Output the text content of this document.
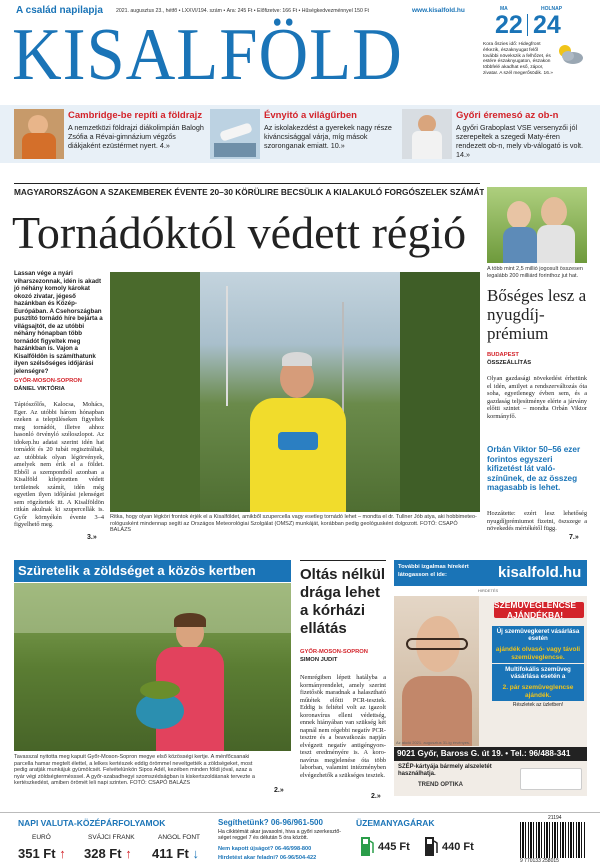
A család napilapja	2021. augusztus 23., hétfő • LXXVI/194. szám • Ára: 245 Ft • Előfizetve: 166 Ft • Hűségkedvezménnyel 150 Ft	www.kisalfold.hu
KISALFÖLD
MA	HOLNAP
22 24
Kora őszies idő: Hidegfront érkezik, északnyugat felől további növekszik a felhőzet, és estére északnyugaton, északon többfelé akadhat eső, zápor, zivatar. A szél megerősödik. 16.»
Cambridge-be repíti a földrajz
A nemzetközi földrajzi diákolimpián Balogh Zsófia a Révai-gimnázium végzős diákjaként ezüstérmet nyert. 4.»
Évnyitó a világűrben
Az iskolakezdést a gyerekek nagy része kiváncsisággal várja, míg mások szoronganak emiatt. 10.»
Győri éremesó az ob-n
A győri Graboplast VSE versenyzői jól szerepeltek a szegedi Maty-éren rendezett ob-n, mely vb-válogató is volt. 14.»
MAGYARORSZÁGON A SZAKEMBEREK ÉVENTE 20–30 KÖRÜLIRE BECSÜLIK A KIALAKULÓ FORGÓSZELEK SZÁMÁT
Tornádóktól védett régió
Lassan vége a nyári viharszezonnak, idén is akadt jó néhány komoly károkat okozó zivatar, jégeső hazánkban és Közép-Európában. A Csehországban pusztító tornádó híre bejárta a világsajtót, de az utóbbi néhány hónapban több tornádót figyeltek meg hazánkban is. Vajon a Kisalföldön is számíthatunk ilyen szélsőséges időjárási jelenségre?
GYŐR-MOSON-SOPRON
DÁNIEL VIKTÓRIA
Tápiószőlős, Kalocsa, Mohács, Eger. Az utóbbi három hónapban ezeken a településeken figyeltek meg tornádót, illetve ahhoz hasonló örvényló széloszlopot. Az idokep.hu adatai szerint idén hat tornádót és 20 tubát regisztráltak, az utóbbiak olyan légörvények, amelyek nem érik el a földet. Ebből a szempontból azonban a Kisalföld kifejezetten védett területnek számít, idén még egyetlen ilyen időjárási jelenséget sem rögzítettek itt. A Kisalföldön ritkán akulnak ki szupercellák is. Győr környékén évente 3–4 figyelhető meg.
3.»
Ritka, hogy olyan légköri frontok érjék el a Kisalföldet, amikből szupercella vagy esetleg tornádó lehet – mondta el dr. Tullner Jób atya, aki hobbimeteorológusként mindennap segíti az Országos Meteorológiai Szolgálat (OMSZ) munkáját, korábban pedig geológusként dolgozott. FOTÓ: CSAPÓ BALÁZS
A több mint 2,5 millió jogosult összesen legalább 200 milliárd forinthoz jut hat.
Bőséges lesz a nyugdíjprémium
BUDAPEST
ÖSSZEÁLLÍTÁS
Olyan gazdasági növekedést érhetünk el idén, amilyet a rendszerváltozás óta soha, egyetlenegy évben sem, és a gazdaság teljesítménye elérte a járvány előtti szintet – mondta Orbán Viktor kormányfő.
Orbán Viktor 50–56 ezer forintos egyszeri kifizetést lát valószínűnek, de az összeg magasabb is lehet.
Hozzátette: ezért lesz lehetőség nyugdíjprémiumot fizetni, öszszege a növekedés mértékétől függ.
7.»
Szüretelik a zöldséget a közös kertben
Tavasszal nyitotta meg kapuit Győr-Moson-Sopron megye első közösségi kertje. A ménfőcsanaki parcella hamar megtelt élettel, a lelkes kertészek eddig örömmel neveltgették a zöldségeket, most pedig aratják munkájuk gyümölcsét. Felvételünkön Sipos Adél, kezében minden földi jóval, azaz a nyár végi zöldségtermésssel. A győr-szabadhegyi szomszédságban is kiskertszoldásnak tervezte a kertészkedést, amiben örömét leli napi szinten. FOTÓ: CSAPÓ BALÁZS
2.»
Oltás nélkül drága lehet a kórházi ellátás
GYŐR-MOSON-SOPRON
SIMON JUDIT
Nemrégiben lépett hatályba a kormányrendelet, amely szerint fizetősök maradnak a halasztható műtétek előtti PCR-tesztek. Eddig is feltétel volt az igazolt koronavírus elleni védettség, ennek hiányában van szükség két napnál nem régebbi negatív PCRtesztre és a beavatkozás napján elvégzett negatív antigéngyorsteszt eredményére is. A koronavírus megjelenése óta több laborban, valamint intézményben elvégezhetők a szükséges tesztek.
2.»
További izgalmas hírekért látogasson el ide:	kisalfold.hu
HIRDETÉS
SZEMÜVEGLENCSE AJÁNDÉKBA!
Új szemüvegkeret vásárlása esetén
ajándék olvasó- vagy távoli szemüveglencse.
Multifokális szemüveg vásárlása esetén a
2. pár szemüveglencse ajándék.
Részletek az üzletben!
Az akció 2021. augusztus 31-ig érvényes.
9021 Győr, Baross G. út 19. • Tel.: 96/488-341
SZÉP-kártyája bármely alszeletét használhatja.
TREND OPTIKA
NAPI VALUTA-KÖZÉPÁRFOLYAMOK
EURÓ
351 Ft ↑
SVÁJCI FRANK
328 Ft ↑
ANGOL FONT
411 Ft ↓
Segíthetünk? 06-96/961-500
Ha cikktémát akar javasolni, hiva a győri szerkesztőséget reggel 7 és délután 5 óra között.
Nem kapott újságot? 06-46/998-800
Hirdetést akar feladni? 06-96/504-422
ÜZEMANYAGÁRAK
445 Ft	440 Ft
21194
9 770133 258015
